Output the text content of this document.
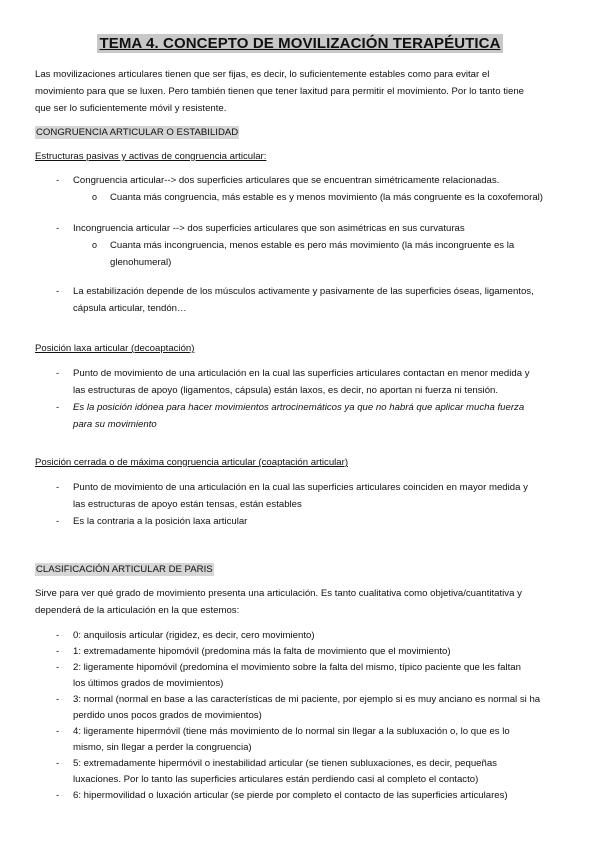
TEMA 4. CONCEPTO DE MOVILIZACIÓN TERAPÉUTICA
Las movilizaciones articulares tienen que ser fijas, es decir, lo suficientemente estables como para evitar el
movimiento para que se luxen. Pero también tienen que tener laxitud para permitir el movimiento. Por lo tanto tiene
que ser lo suficientemente móvil y resistente.
CONGRUENCIA ARTICULAR O ESTABILIDAD
Estructuras pasivas y activas de congruencia articular:
- Congruencia articular--> dos superficies articulares que se encuentran simétricamente relacionadas.
o Cuanta más congruencia, más estable es y menos movimiento (la más congruente es la coxofemoral)
- Incongruencia articular --> dos superficies articulares que son asimétricas en sus curvaturas
o Cuanta más incongruencia, menos estable es pero más movimiento (la más incongruente es la
glenohumeral)
- La estabilización depende de los músculos activamente y pasivamente de las superficies óseas, ligamentos,
cápsula articular, tendón…
Posición laxa articular (decoaptación)
- Punto de movimiento de una articulación en la cual las superficies articulares contactan en menor medida y
las estructuras de apoyo (ligamentos, cápsula) están laxos, es decir, no aportan ni fuerza ni tensión.
- Es la posición idónea para hacer movimientos artrocinemáticos ya que no habrá que aplicar mucha fuerza
para su movimiento
Posición cerrada o de máxima congruencia articular (coaptación articular)
- Punto de movimiento de una articulación en la cual las superficies articulares coinciden en mayor medida y
las estructuras de apoyo están tensas, están estables
- Es la contraria a la posición laxa articular
CLASIFICACIÓN ARTICULAR DE PARIS
Sirve para ver qué grado de movimiento presenta una articulación. Es tanto cualitativa como objetiva/cuantitativa y
dependerá de la articulación en la que estemos:
- 0: anquilosis articular (rigidez, es decir, cero movimiento)
- 1: extremadamente hipomóvil (predomina más la falta de movimiento que el movimiento)
- 2: ligeramente hipomóvil (predomina el movimiento sobre la falta del mismo, típico paciente que les faltan
los últimos grados de movimientos)
- 3: normal (normal en base a las características de mi paciente, por ejemplo si es muy anciano es normal si ha
perdido unos pocos grados de movimientos)
- 4: ligeramente hipermóvil (tiene más movimiento de lo normal sin llegar a la subluxación o, lo que es lo
mismo, sin llegar a perder la congruencia)
- 5: extremadamente hipermóvil o inestabilidad articular (se tienen subluxaciones, es decir, pequeñas
luxaciones. Por lo tanto las superficies articulares están perdiendo casi al completo el contacto)
- 6: hipermovilidad o luxación articular (se pierde por completo el contacto de las superficies articulares)
